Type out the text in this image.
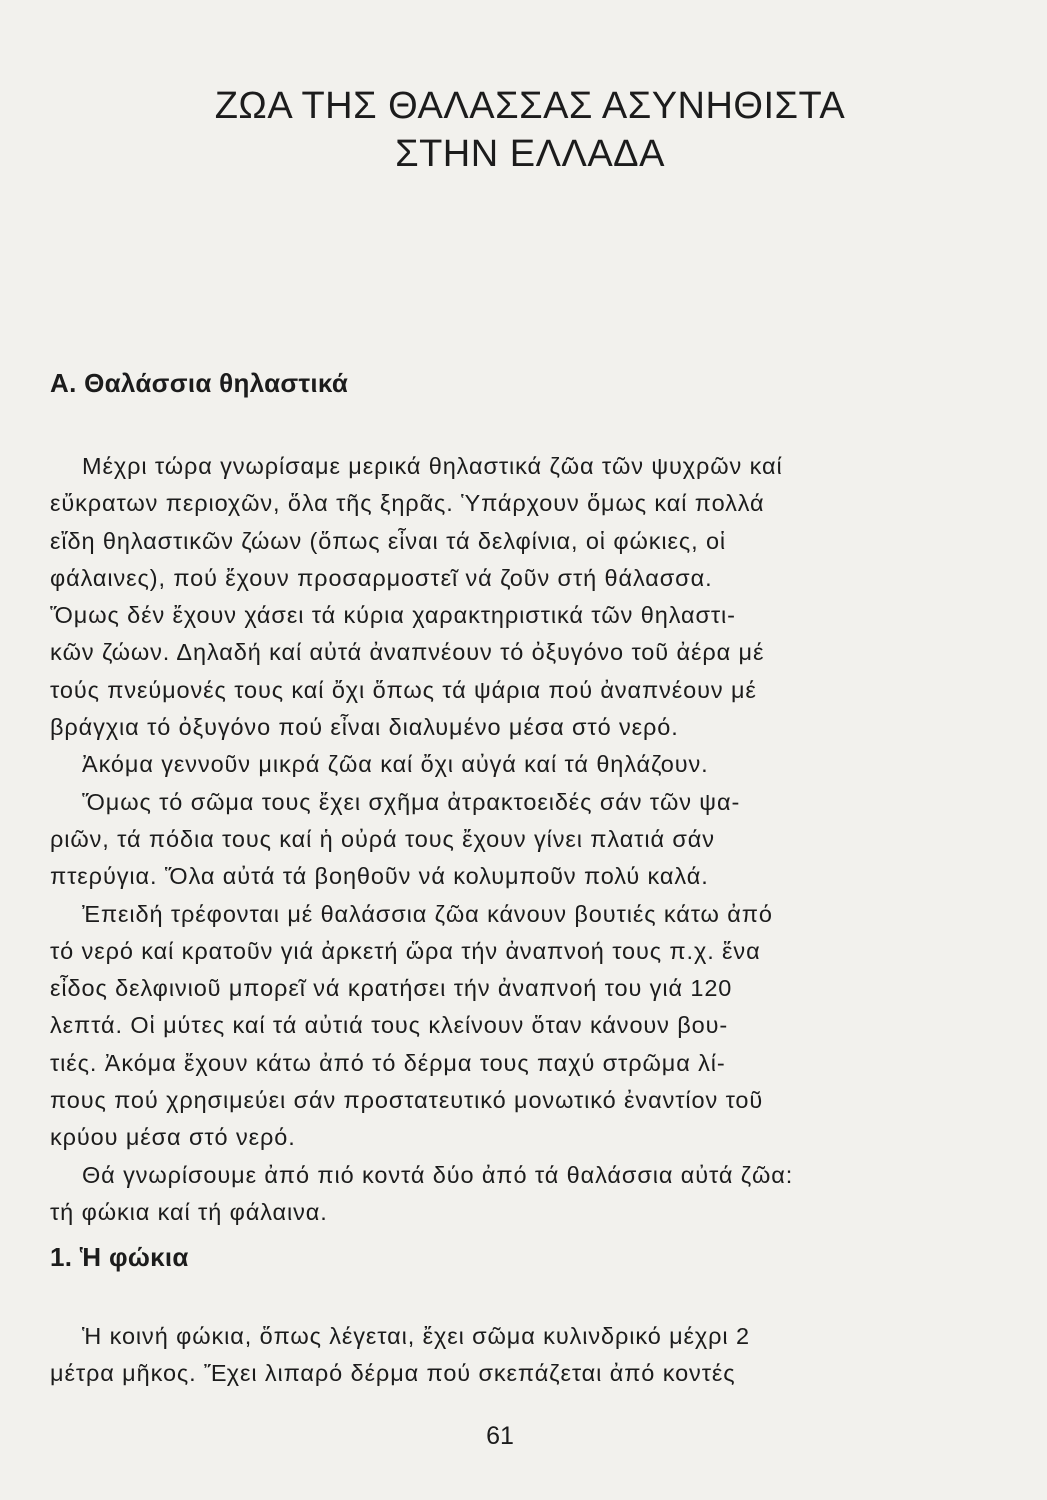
ΖΩΑ ΤΗΣ ΘΑΛΑΣΣΑΣ ΑΣΥΝΗΘΙΣΤΑ
ΣΤΗΝ ΕΛΛΑΔΑ
Α. Θαλάσσια θηλαστικά
Μέχρι τώρα γνωρίσαμε μερικά θηλαστικά ζῶα τῶν ψυχρῶν καί
εὔκρατων περιοχῶν, ὅλα τῆς ξηρᾶς. Ὑπάρχουν ὅμως καί πολλά
εἴδη θηλαστικῶν ζώων (ὅπως εἶναι τά δελφίνια, οἱ φώκιες, οἱ
φάλαινες), πού ἔχουν προσαρμοστεῖ νά ζοῦν στή θάλασσα.
Ὅμως δέν ἔχουν χάσει τά κύρια χαρακτηριστικά τῶν θηλαστι-
κῶν ζώων. Δηλαδή καί αὐτά ἀναπνέουν τό ὀξυγόνο τοῦ ἀέρα μέ
τούς πνεύμονές τους καί ὄχι ὅπως τά ψάρια πού ἀναπνέουν μέ
βράγχια τό ὀξυγόνο πού εἶναι διαλυμένο μέσα στό νερό.
Ἀκόμα γεννοῦν μικρά ζῶα καί ὄχι αὐγά καί τά θηλάζουν.
Ὅμως τό σῶμα τους ἔχει σχῆμα ἀτρακτοειδές σάν τῶν ψα-
ριῶν, τά πόδια τους καί ἡ οὐρά τους ἔχουν γίνει πλατιά σάν
πτερύγια. Ὅλα αὐτά τά βοηθοῦν νά κολυμποῦν πολύ καλά.
Ἐπειδή τρέφονται μέ θαλάσσια ζῶα κάνουν βουτιές κάτω ἀπό
τό νερό καί κρατοῦν γιά ἀρκετή ὥρα τήν ἀναπνοή τους π.χ. ἕνα
εἶδος δελφινιοῦ μπορεῖ νά κρατήσει τήν ἀναπνοή του γιά 120
λεπτά. Οἱ μύτες καί τά αὐτιά τους κλείνουν ὅταν κάνουν βου-
τιές. Ἀκόμα ἔχουν κάτω ἀπό τό δέρμα τους παχύ στρῶμα λί-
πους πού χρησιμεύει σάν προστατευτικό μονωτικό ἐναντίον τοῦ
κρύου μέσα στό νερό.
Θά γνωρίσουμε ἀπό πιό κοντά δύο ἀπό τά θαλάσσια αὐτά ζῶα:
τή φώκια καί τή φάλαινα.
1. Ἡ φώκια
Ἡ κοινή φώκια, ὅπως λέγεται, ἔχει σῶμα κυλινδρικό μέχρι 2
μέτρα μῆκος. Ἔχει λιπαρό δέρμα πού σκεπάζεται ἀπό κοντές
61
